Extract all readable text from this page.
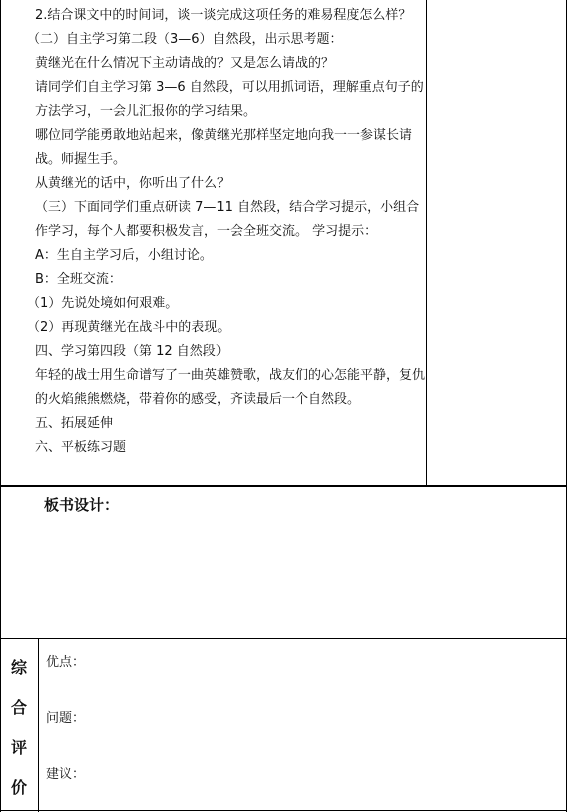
2.结合课文中的时间词，谈一谈完成这项任务的难易程度怎么样？

（二）自主学习第二段（3—6）自然段，出示思考题：

黄继光在什么情况下主动请战的？又是怎么请战的？

请同学们自主学习第 3—6 自然段，可以用抓词语，理解重点句子的方法学习，一会儿汇报你的学习结果。

哪位同学能勇敢地站起来，像黄继光那样坚定地向我一一参谋长请战。师握生手。

从黄继光的话中，你听出了什么？

（三）下面同学们重点研读 7—11 自然段，结合学习提示，小组合作学习，每个人都要积极发言，一会全班交流。 学习提示：

A：生自主学习后，小组讨论。

B：全班交流：

（1）先说处境如何艰难。

（2）再现黄继光在战斗中的表现。

四、学习第四段（第 12 自然段）

年轻的战士用生命谱写了一曲英雄赞歌，战友们的心怎能平静，复仇的火焰熊熊燃烧，带着你的感受，齐读最后一个自然段。

五、拓展延伸

六、平板练习题

板书设计：
综
合
评
价
优点：
问题：
建议：
